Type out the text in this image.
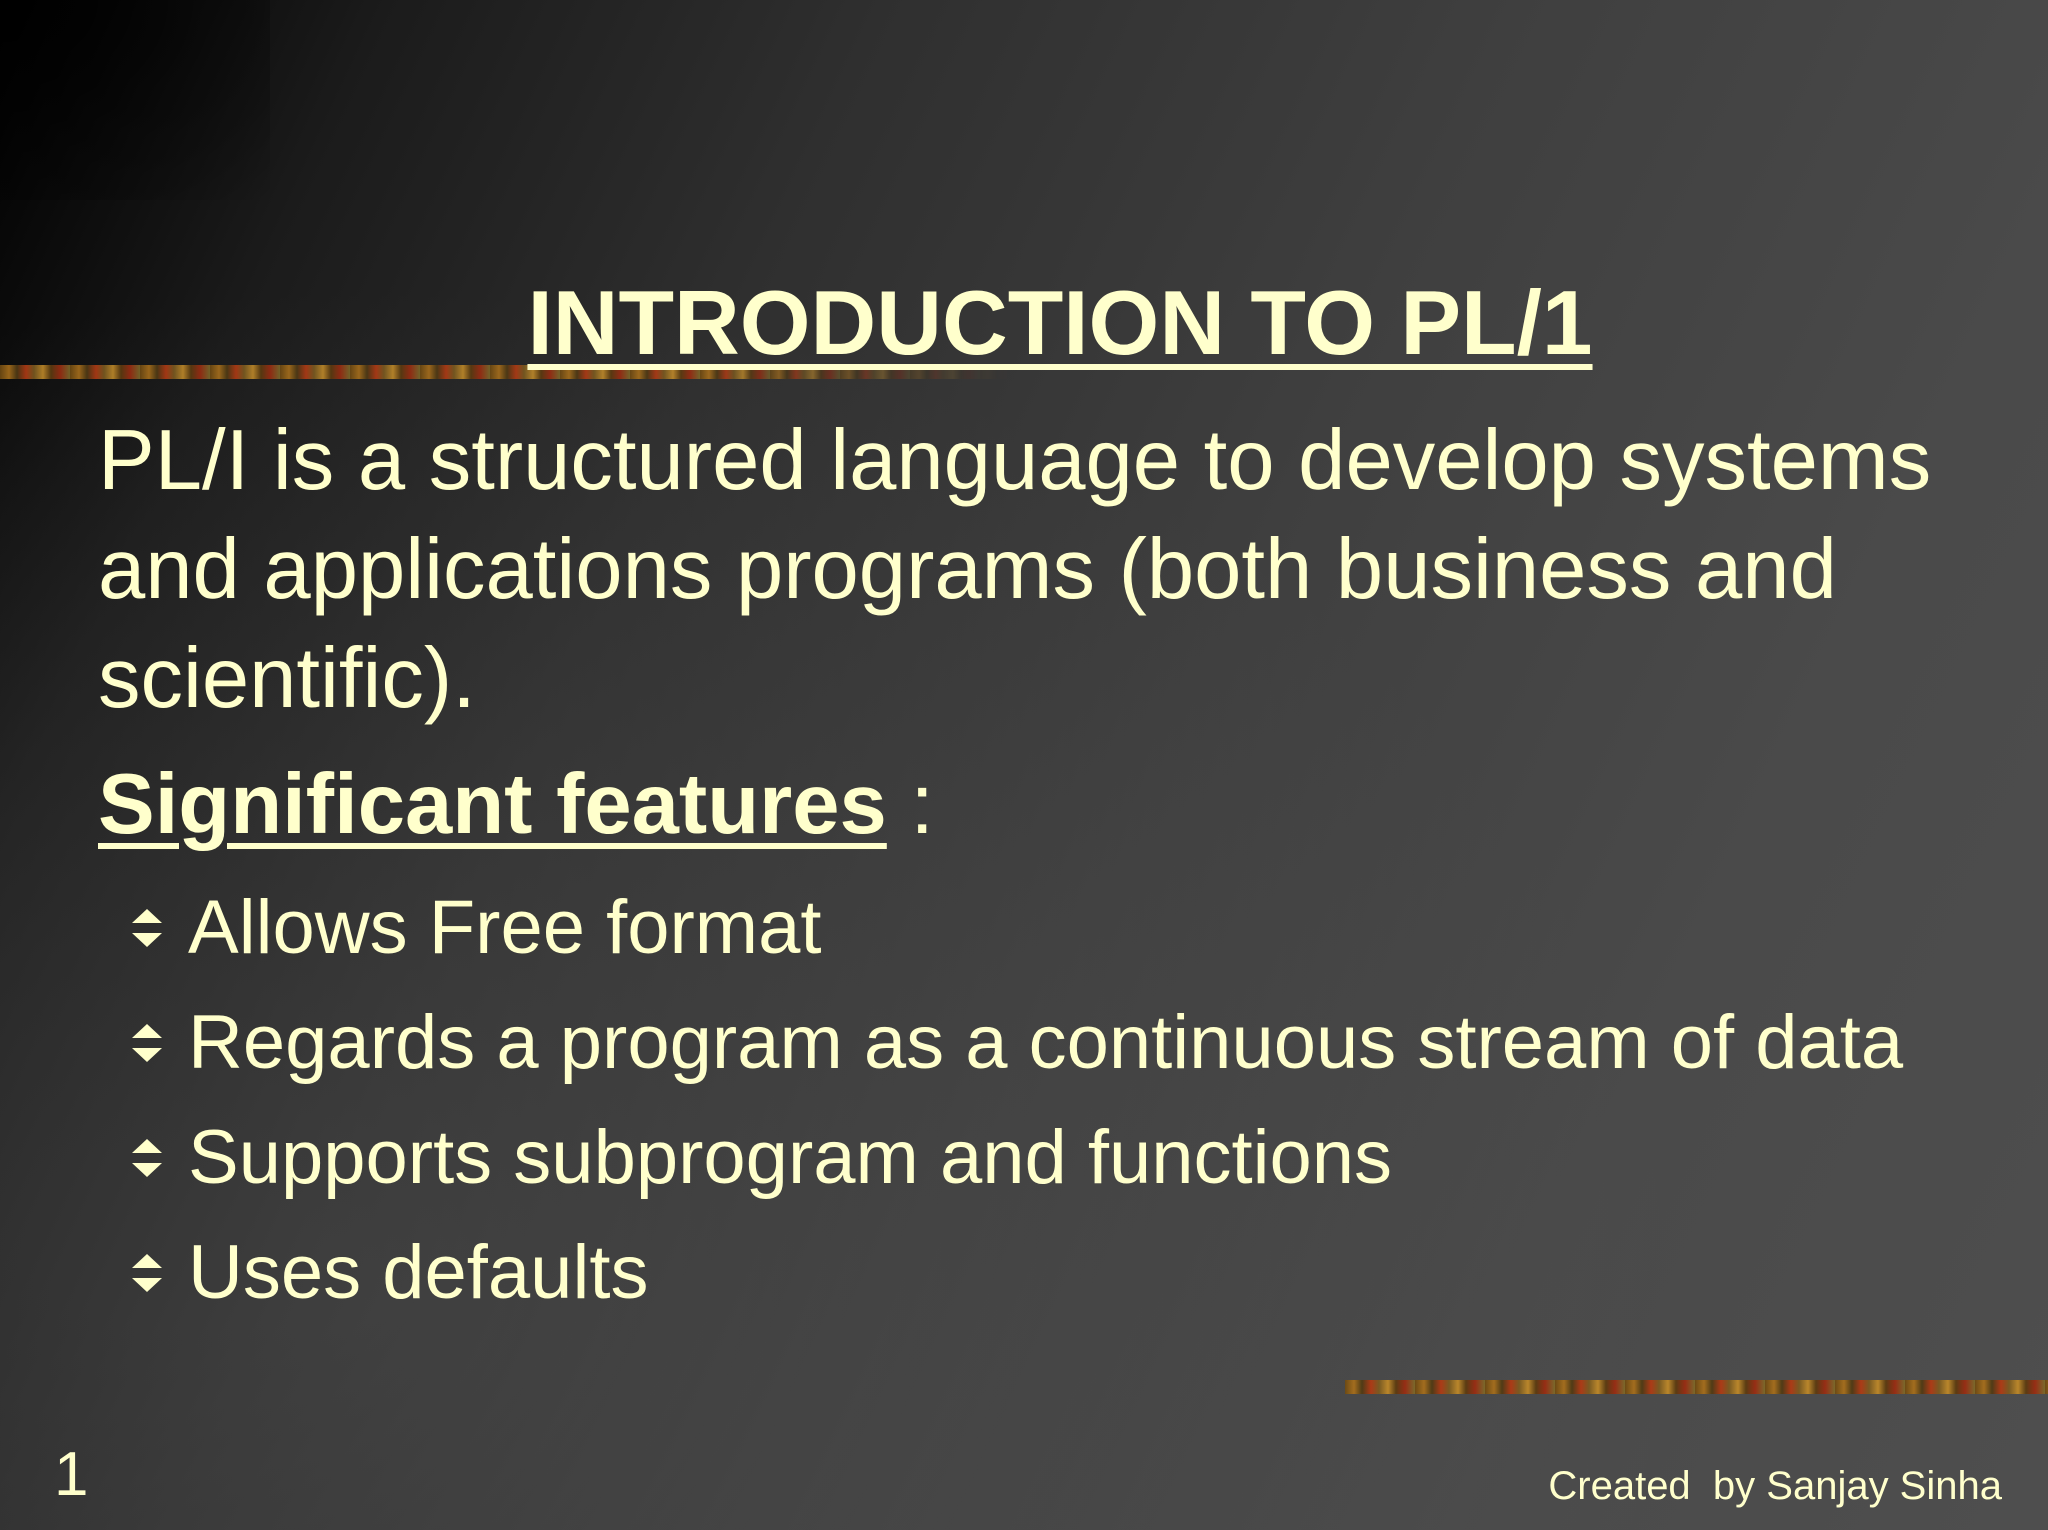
INTRODUCTION TO PL/1

PL/I is a structured language to develop systems and applications programs (both business and scientific).

Significant features :
Allows Free format
Regards a program as a continuous stream of data
Supports subprogram and functions
Uses defaults
1	Created  by Sanjay Sinha
